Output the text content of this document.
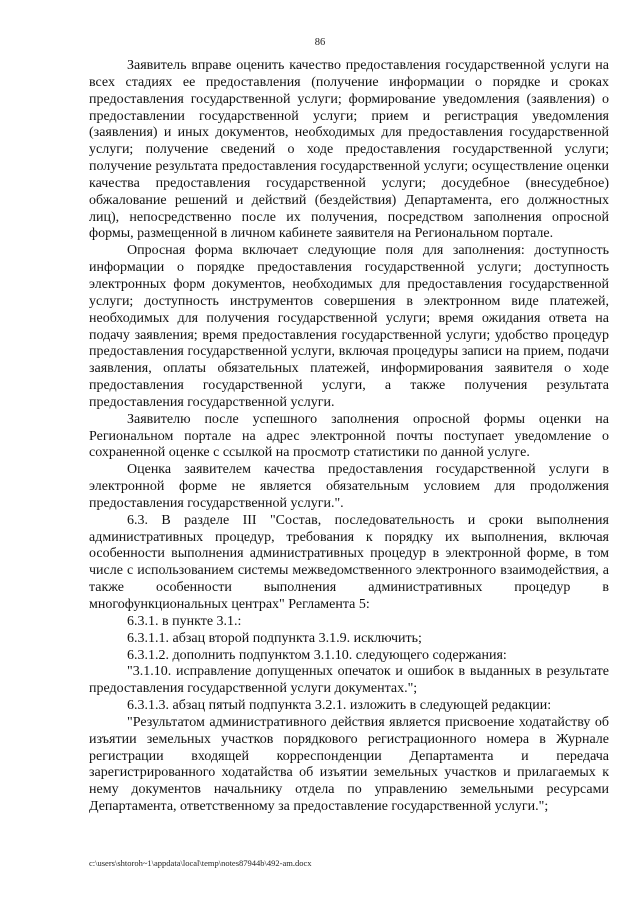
86

Заявитель вправе оценить качество предоставления государственной услуги на всех стадиях ее предоставления (получение информации о порядке и сроках предоставления государственной услуги; формирование уведомления (заявления) о предоставлении государственной услуги; прием и регистрация уведомления (заявления) и иных документов, необходимых для предоставления государственной услуги; получение сведений о ходе предоставления государственной услуги; получение результата предоставления государственной услуги; осуществление оценки качества предоставления государственной услуги; досудебное (внесудебное) обжалование решений и действий (бездействия) Департамента, его должностных лиц), непосредственно после их получения, посредством заполнения опросной формы, размещенной в личном кабинете заявителя на Региональном портале.

Опросная форма включает следующие поля для заполнения: доступность информации о порядке предоставления государственной услуги; доступность электронных форм документов, необходимых для предоставления государственной услуги; доступность инструментов совершения в электронном виде платежей, необходимых для получения государственной услуги; время ожидания ответа на подачу заявления; время предоставления государственной услуги; удобство процедур предоставления государственной услуги, включая процедуры записи на прием, подачи заявления, оплаты обязательных платежей, информирования заявителя о ходе предоставления государственной услуги, а также получения результата предоставления государственной услуги.

Заявителю после успешного заполнения опросной формы оценки на Региональном портале на адрес электронной почты поступает уведомление о сохраненной оценке с ссылкой на просмотр статистики по данной услуге.

Оценка заявителем качества предоставления государственной услуги в электронной форме не является обязательным условием для продолжения предоставления государственной услуги.".

6.3. В разделе III "Состав, последовательность и сроки выполнения административных процедур, требования к порядку их выполнения, включая особенности выполнения административных процедур в электронной форме, в том числе с использованием системы межведомственного электронного взаимодействия, а также особенности выполнения административных процедур в многофункциональных центрах" Регламента 5:

6.3.1. в пункте 3.1.:

6.3.1.1. абзац второй подпункта 3.1.9. исключить;

6.3.1.2. дополнить подпунктом 3.1.10. следующего содержания:

"3.1.10. исправление допущенных опечаток и ошибок в выданных в результате предоставления государственной услуги документах.";

6.3.1.3. абзац пятый подпункта 3.2.1. изложить в следующей редакции:

"Результатом административного действия является присвоение ходатайству об изъятии земельных участков порядкового регистрационного номера в Журнале регистрации входящей корреспонденции Департамента и передача зарегистрированного ходатайства об изъятии земельных участков и прилагаемых к нему документов начальнику отдела по управлению земельными ресурсами Департамента, ответственному за предоставление государственной услуги.";

c:\users\shtoroh~1\appdata\local\temp\notes87944b\492-am.docx
